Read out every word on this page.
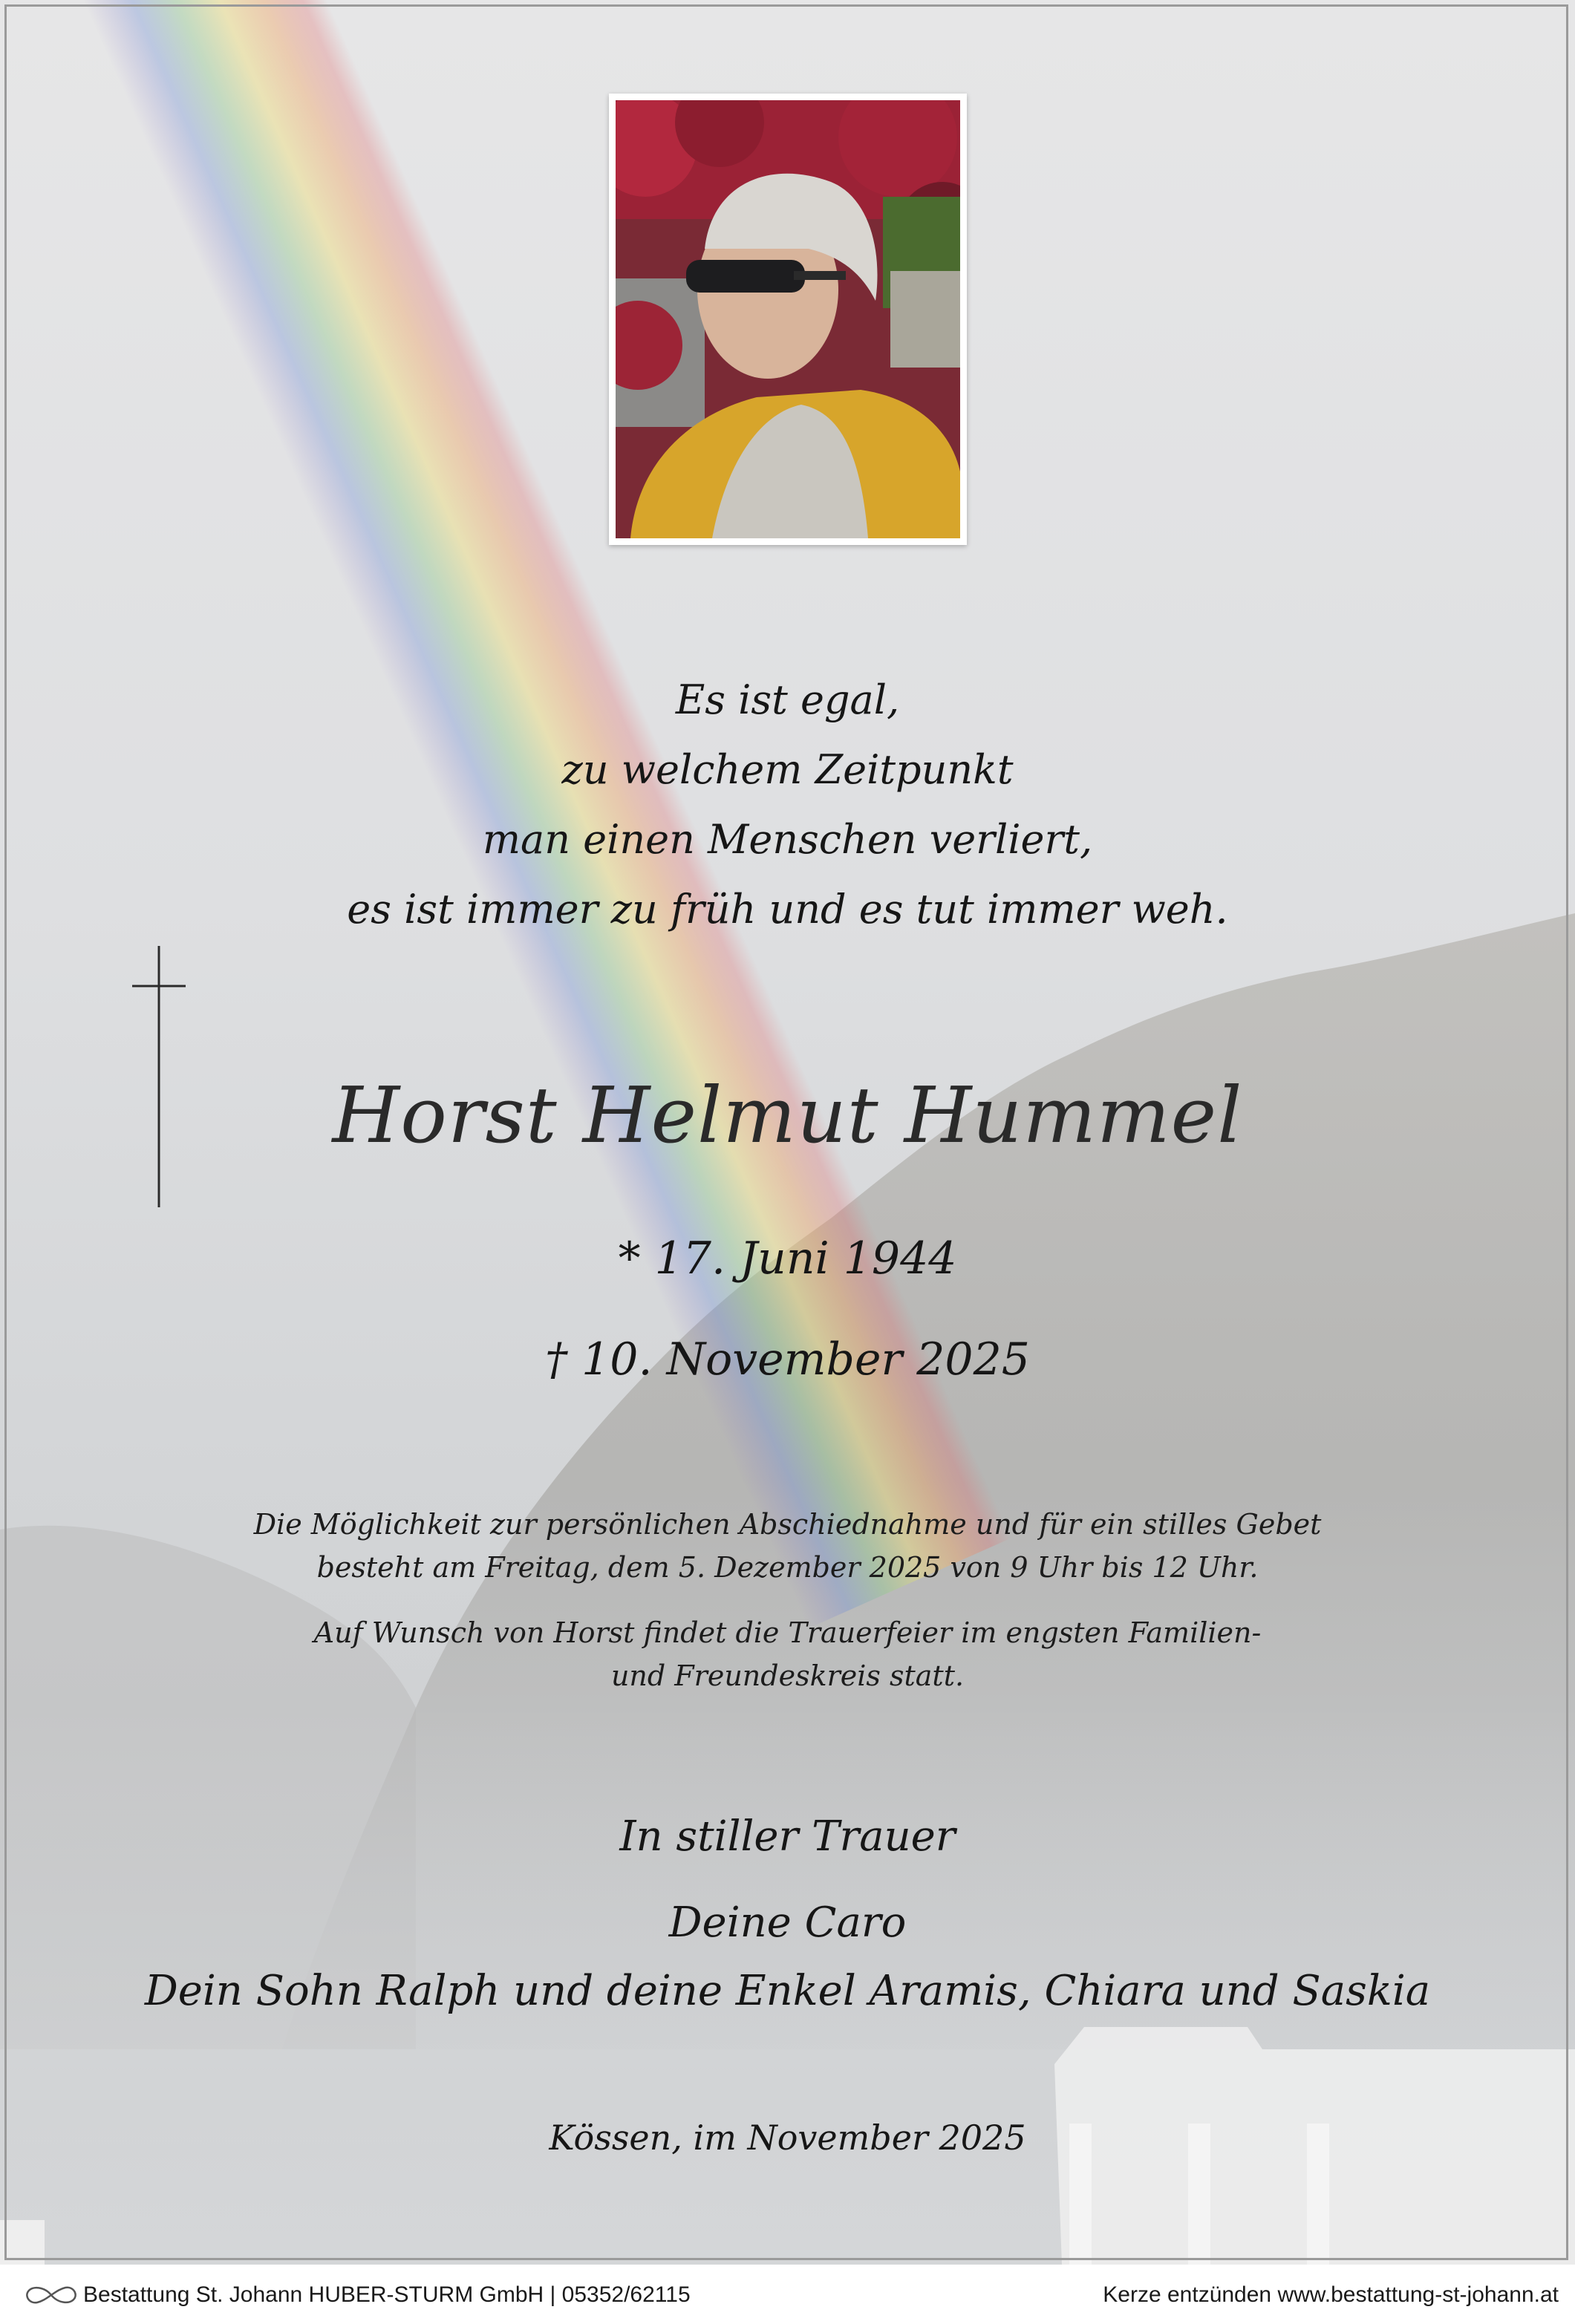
Es ist egal,
zu welchem Zeitpunkt
man einen Menschen verliert,
es ist immer zu früh und es tut immer weh.
Horst Helmut Hummel
* 17. Juni 1944
† 10. November 2025
Die Möglichkeit zur persönlichen Abschiednahme und für ein stilles Gebet
besteht am Freitag, dem 5. Dezember 2025 von 9 Uhr bis 12 Uhr.
Auf Wunsch von Horst findet die Trauerfeier im engsten Familien-
und Freundeskreis statt.
In stiller Trauer
Deine Caro
Dein Sohn Ralph und deine Enkel Aramis, Chiara und Saskia
Kössen, im November 2025
Bestattung St. Johann HUBER-STURM GmbH | 05352/62115	Kerze entzünden www.bestattung-st-johann.at
